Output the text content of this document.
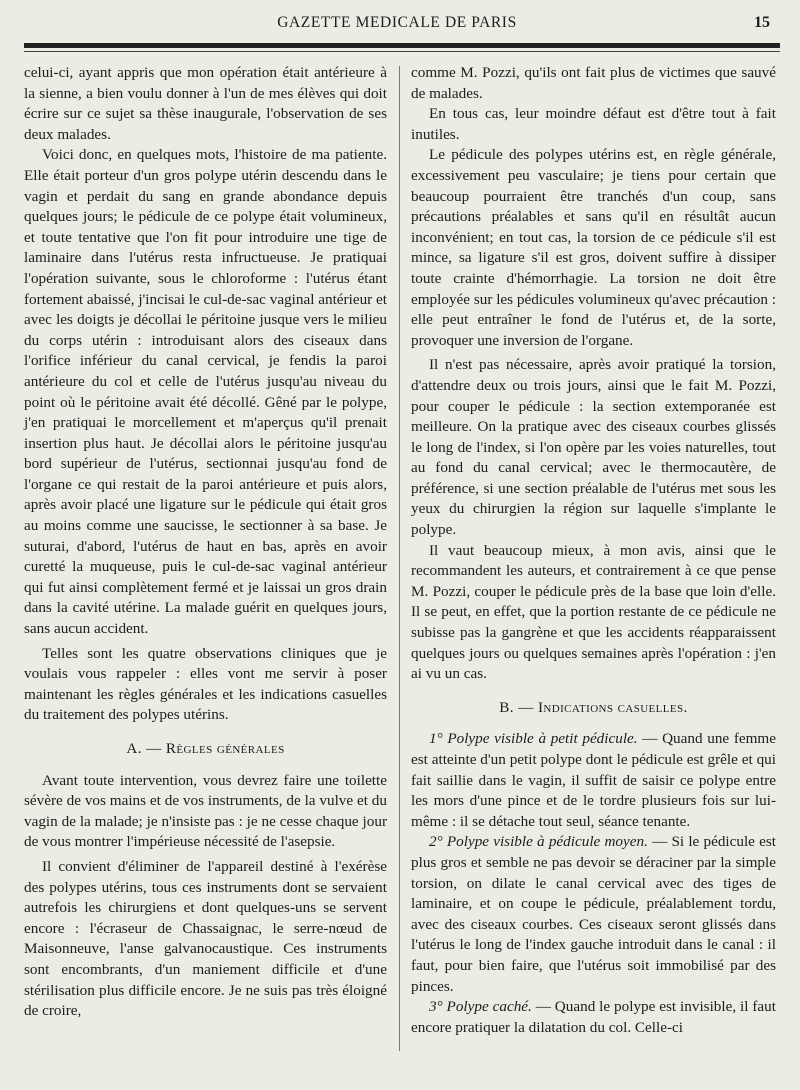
GAZETTE MEDICALE DE PARIS	15

celui-ci, ayant appris que mon opération était antérieure à la sienne, a bien voulu donner à l'un de mes élèves qui doit écrire sur ce sujet sa thèse inaugurale, l'observation de ses deux malades.

Voici donc, en quelques mots, l'histoire de ma patiente. Elle était porteur d'un gros polype utérin descendu dans le vagin et perdait du sang en grande abondance depuis quelques jours; le pédicule de ce polype était volumineux, et toute tentative que l'on fit pour introduire une tige de laminaire dans l'utérus resta infructueuse. Je pratiquai l'opération suivante, sous le chloroforme : l'utérus étant fortement abaissé, j'incisai le cul-de-sac vaginal antérieur et avec les doigts je décollai le péritoine jusque vers le milieu du corps utérin : introduisant alors des ciseaux dans l'orifice inférieur du canal cervical, je fendis la paroi antérieure du col et celle de l'utérus jusqu'au niveau du point où le péritoine avait été décollé. Gêné par le polype, j'en pratiquai le morcellement et m'aperçus qu'il prenait insertion plus haut. Je décollai alors le péritoine jusqu'au bord supérieur de l'utérus, sectionnai jusqu'au fond de l'organe ce qui restait de la paroi antérieure et puis alors, après avoir placé une ligature sur le pédicule qui était gros au moins comme une saucisse, le sectionner à sa base. Je suturai, d'abord, l'utérus de haut en bas, après en avoir curetté la muqueuse, puis le cul-de-sac vaginal antérieur qui fut ainsi complètement fermé et je laissai un gros drain dans la cavité utérine. La malade guérit en quelques jours, sans aucun accident.

Telles sont les quatre observations cliniques que je voulais vous rappeler : elles vont me servir à poser maintenant les règles générales et les indications casuelles du traitement des polypes utérins.

A. — Règles générales

Avant toute intervention, vous devrez faire une toilette sévère de vos mains et de vos instruments, de la vulve et du vagin de la malade; je n'insiste pas : je ne cesse chaque jour de vous montrer l'impérieuse nécessité de l'asepsie.

Il convient d'éliminer de l'appareil destiné à l'exérèse des polypes utérins, tous ces instruments dont se servaient autrefois les chirurgiens et dont quelques-uns se servent encore : l'écraseur de Chassaignac, le serre-nœud de Maisonneuve, l'anse galvanocaustique. Ces instruments sont encombrants, d'un maniement difficile et d'une stérilisation plus difficile encore. Je ne suis pas très éloigné de croire,

comme M. Pozzi, qu'ils ont fait plus de victimes que sauvé de malades.

En tous cas, leur moindre défaut est d'être tout à fait inutiles.

Le pédicule des polypes utérins est, en règle générale, excessivement peu vasculaire; je tiens pour certain que beaucoup pourraient être tranchés d'un coup, sans précautions préalables et sans qu'il en résultât aucun inconvénient; en tout cas, la torsion de ce pédicule s'il est mince, sa ligature s'il est gros, doivent suffire à dissiper toute crainte d'hémorrhagie. La torsion ne doit être employée sur les pédicules volumineux qu'avec précaution : elle peut entraîner le fond de l'utérus et, de la sorte, provoquer une inversion de l'organe.

Il n'est pas nécessaire, après avoir pratiqué la torsion, d'attendre deux ou trois jours, ainsi que le fait M. Pozzi, pour couper le pédicule : la section extemporanée est meilleure. On la pratique avec des ciseaux courbes glissés le long de l'index, si l'on opère par les voies naturelles, tout au fond du canal cervical; avec le thermocautère, de préférence, si une section préalable de l'utérus met sous les yeux du chirurgien la région sur laquelle s'implante le polype.

Il vaut beaucoup mieux, à mon avis, ainsi que le recommandent les auteurs, et contrairement à ce que pense M. Pozzi, couper le pédicule près de la base que loin d'elle. Il se peut, en effet, que la portion restante de ce pédicule ne subisse pas la gangrène et que les accidents réapparaissent quelques jours ou quelques semaines après l'opération : j'en ai vu un cas.

B. — Indications casuelles.

1° Polype visible à petit pédicule. — Quand une femme est atteinte d'un petit polype dont le pédicule est grêle et qui fait saillie dans le vagin, il suffit de saisir ce polype entre les mors d'une pince et de le tordre plusieurs fois sur lui-même : il se détache tout seul, séance tenante.

2° Polype visible à pédicule moyen. — Si le pédicule est plus gros et semble ne pas devoir se déraciner par la simple torsion, on dilate le canal cervical avec des tiges de laminaire, et on coupe le pédicule, préalablement tordu, avec des ciseaux courbes. Ces ciseaux seront glissés dans l'utérus le long de l'index gauche introduit dans le canal : il faut, pour bien faire, que l'utérus soit immobilisé par des pinces.

3° Polype caché. — Quand le polype est invisible, il faut encore pratiquer la dilatation du col. Celle-ci
